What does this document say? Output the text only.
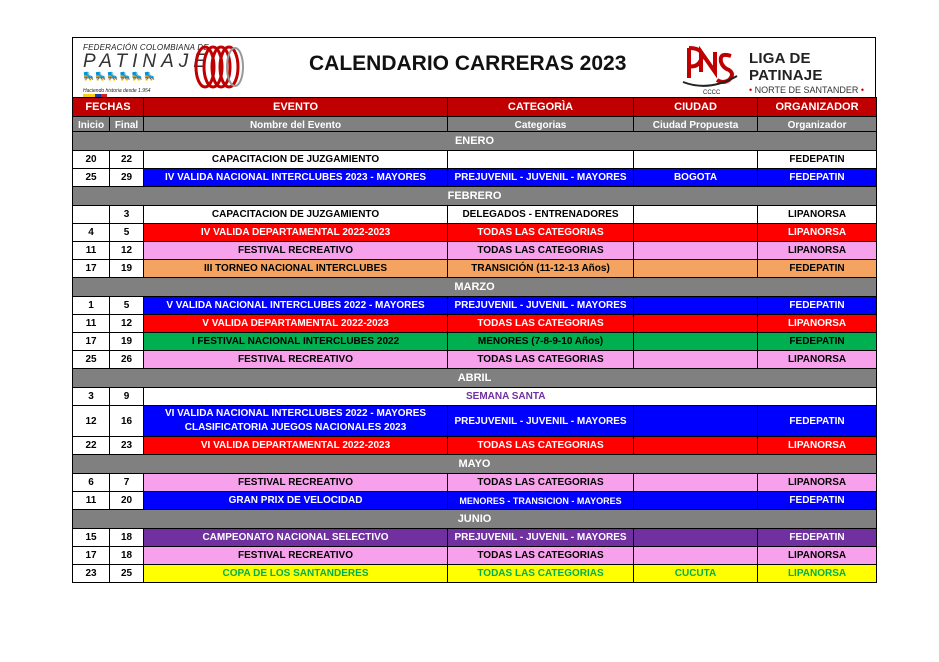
FEDERACIÓN COLOMBIANA DE
PATINAJE
🛼🛼🛼🛼🛼🛼
Haciendo historia desde 1.954
CALENDARIO CARRERAS 2023
CCCC
LIGA DE PATINAJE
• NORTE DE SANTANDER •
FECHAS		EVENTO	CATEGORÌA	CIUDAD	ORGANIZADOR
Inicio	Final	Nombre del Evento	Categorias	Ciudad Propuesta	Organizador
ENERO					
20	22	CAPACITACION DE JUZGAMIENTO			FEDEPATIN
25	29	IV VALIDA NACIONAL INTERCLUBES 2023 - MAYORES	PREJUVENIL - JUVENIL - MAYORES	BOGOTA	FEDEPATIN
FEBRERO					
	3	CAPACITACION DE JUZGAMIENTO	DELEGADOS - ENTRENADORES		LIPANORSA
4	5	IV VALIDA DEPARTAMENTAL 2022-2023	TODAS LAS CATEGORIAS		LIPANORSA
11	12	FESTIVAL RECREATIVO	TODAS LAS CATEGORIAS		LIPANORSA
17	19	III TORNEO NACIONAL INTERCLUBES	TRANSICIÓN (11-12-13 Años)		FEDEPATIN
MARZO					
1	5	V VALIDA NACIONAL INTERCLUBES 2022 - MAYORES	PREJUVENIL - JUVENIL - MAYORES		FEDEPATIN
11	12	V VALIDA DEPARTAMENTAL 2022-2023	TODAS LAS CATEGORIAS		LIPANORSA
17	19	I FESTIVAL NACIONAL INTERCLUBES 2022	MENORES (7-8-9-10 Años)		FEDEPATIN
25	26	FESTIVAL RECREATIVO	TODAS LAS CATEGORIAS		LIPANORSA
ABRIL					
3	9	SEMANA SANTA			
12	16	VI VALIDA NACIONAL INTERCLUBES 2022 - MAYORES CLASIFICATORIA JUEGOS NACIONALES 2023	PREJUVENIL - JUVENIL - MAYORES		FEDEPATIN
22	23	VI VALIDA DEPARTAMENTAL 2022-2023	TODAS LAS CATEGORIAS		LIPANORSA
MAYO					
6	7	FESTIVAL RECREATIVO	TODAS LAS CATEGORIAS		LIPANORSA
11	20	GRAN PRIX DE VELOCIDAD	MENORES - TRANSICION - MAYORES		FEDEPATIN
JUNIO					
15	18	CAMPEONATO NACIONAL SELECTIVO	PREJUVENIL - JUVENIL - MAYORES		FEDEPATIN
17	18	FESTIVAL RECREATIVO	TODAS LAS CATEGORIAS		LIPANORSA
23	25	COPA DE LOS SANTANDERES	TODAS LAS CATEGORIAS	CUCUTA	LIPANORSA
